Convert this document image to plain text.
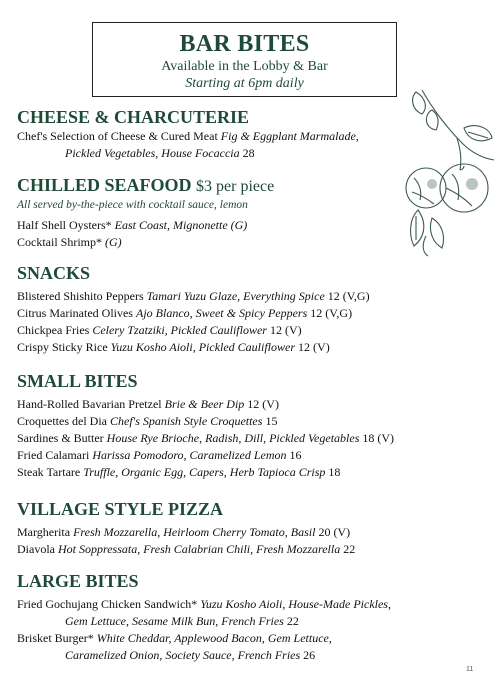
BAR BITES
Available in the Lobby & Bar
Starting at 6pm daily
CHEESE & CHARCUTERIE
Chef's Selection of Cheese & Cured Meat Fig & Eggplant Marmalade,
Pickled Vegetables, House Focaccia 28
CHILLED SEAFOOD $3 per piece
All served by-the-piece with cocktail sauce, lemon
Half Shell Oysters* East Coast, Mignonette (G)
Cocktail Shrimp* (G)
SNACKS
Blistered Shishito Peppers Tamari Yuzu Glaze, Everything Spice 12 (V,G)
Citrus Marinated Olives Ajo Blanco, Sweet & Spicy Peppers 12 (V,G)
Chickpea Fries Celery Tzatziki, Pickled Cauliflower 12 (V)
Crispy Sticky Rice Yuzu Kosho Aioli, Pickled Cauliflower 12 (V)
SMALL BITES
Hand-Rolled Bavarian Pretzel Brie & Beer Dip 12 (V)
Croquettes del Dia Chef's Spanish Style Croquettes 15
Sardines & Butter House Rye Brioche, Radish, Dill, Pickled Vegetables 18 (V)
Fried Calamari Harissa Pomodoro, Caramelized Lemon 16
Steak Tartare Truffle, Organic Egg, Capers, Herb Tapioca Crisp 18
VILLAGE STYLE PIZZA
Margherita Fresh Mozzarella, Heirloom Cherry Tomato, Basil 20 (V)
Diavola Hot Soppressata, Fresh Calabrian Chili, Fresh Mozzarella 22
LARGE BITES
Fried Gochujang Chicken Sandwich* Yuzu Kosho Aioli, House-Made Pickles,
Gem Lettuce, Sesame Milk Bun, French Fries 22
Brisket Burger* White Cheddar, Applewood Bacon, Gem Lettuce,
Caramelized Onion, Society Sauce, French Fries 26
11
